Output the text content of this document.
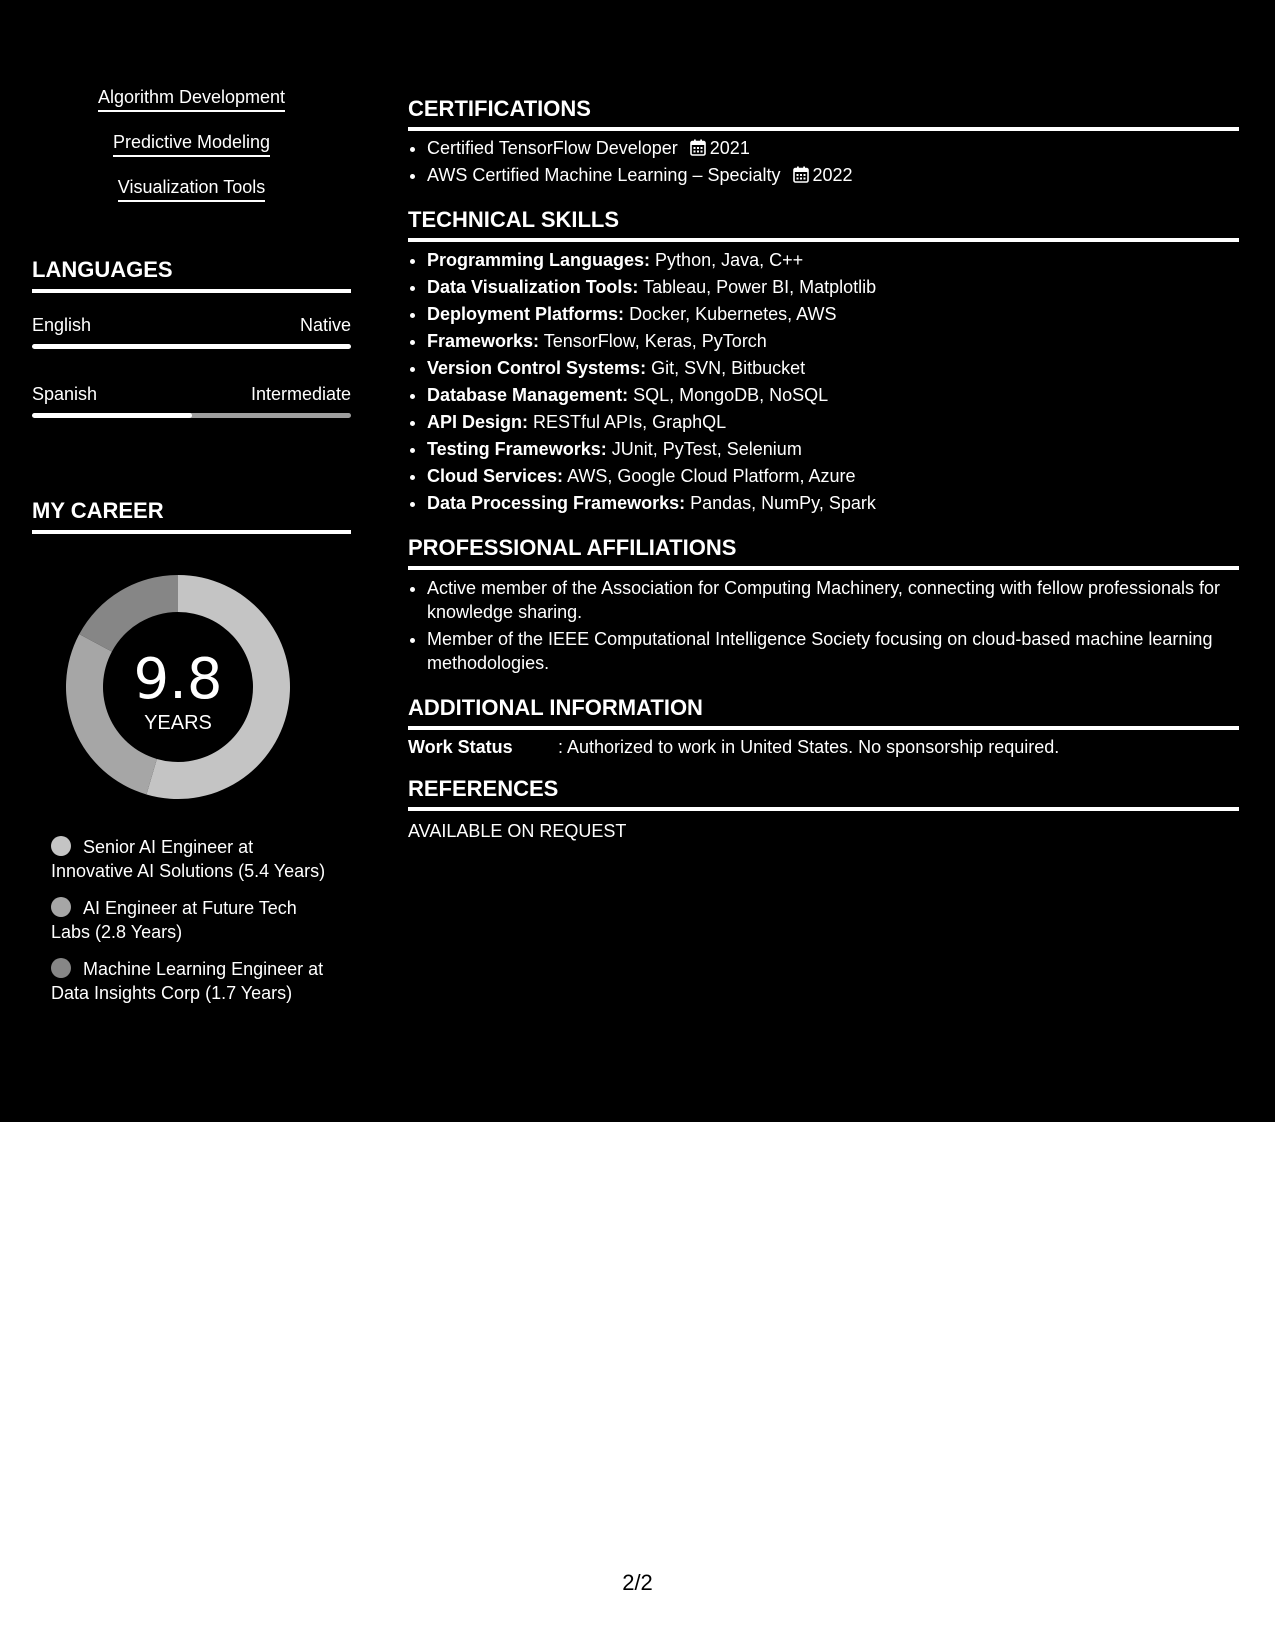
Algorithm Development
Predictive Modeling
Visualization Tools
LANGUAGES
English	Native
Spanish	Intermediate
MY CAREER
9.8
YEARS
Senior AI Engineer at Innovative AI Solutions (5.4 Years)
AI Engineer at Future Tech Labs (2.8 Years)
Machine Learning Engineer at Data Insights Corp (1.7 Years)
CERTIFICATIONS
• Certified TensorFlow Developer 2021
• AWS Certified Machine Learning – Specialty 2022
TECHNICAL SKILLS
• Programming Languages: Python, Java, C++
• Data Visualization Tools: Tableau, Power BI, Matplotlib
• Deployment Platforms: Docker, Kubernetes, AWS
• Frameworks: TensorFlow, Keras, PyTorch
• Version Control Systems: Git, SVN, Bitbucket
• Database Management: SQL, MongoDB, NoSQL
• API Design: RESTful APIs, GraphQL
• Testing Frameworks: JUnit, PyTest, Selenium
• Cloud Services: AWS, Google Cloud Platform, Azure
• Data Processing Frameworks: Pandas, NumPy, Spark
PROFESSIONAL AFFILIATIONS
• Active member of the Association for Computing Machinery, connecting with fellow professionals for knowledge sharing.
• Member of the IEEE Computational Intelligence Society focusing on cloud-based machine learning methodologies.
ADDITIONAL INFORMATION
Work Status	: Authorized to work in United States. No sponsorship required.
REFERENCES
AVAILABLE ON REQUEST
2/2
